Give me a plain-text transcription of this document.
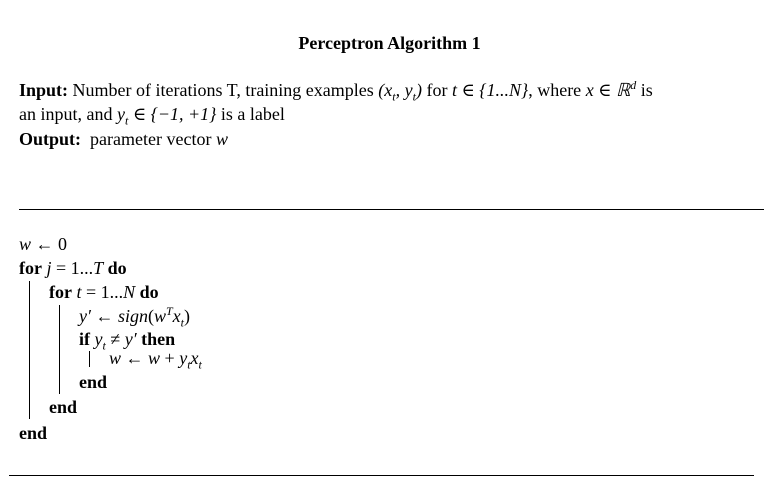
Perceptron Algorithm 1
Input: Number of iterations T, training examples ($x_t$, $y_t$) for t ∈ {1...N}, where x ∈ ℝ$^d$ is
an input, and $y_t$ ∈ {−1, +1} is a label
Output: parameter vector w
w ← 0
for j = 1...T do
for t = 1...N do
y′ ← $sign(w^Tx_t)$
if $y_t \ne y'$ then
w ← $w + y_tx_t$
end
end
end
